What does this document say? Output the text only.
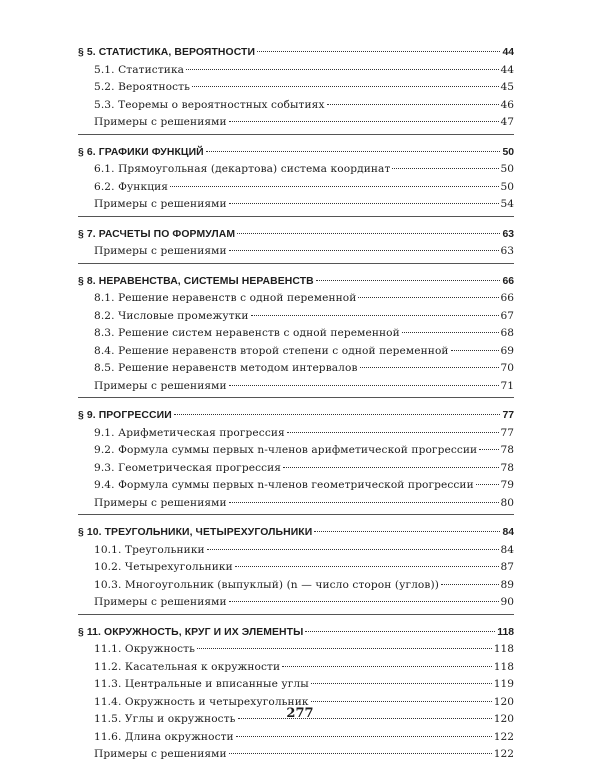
§ 5. СТАТИСТИКА, ВЕРОЯТНОСТИ	44
5.1. Статистика	44
5.2. Вероятность	45
5.3. Теоремы о вероятностных событиях	46
Примеры с решениями	47
§ 6. ГРАФИКИ ФУНКЦИЙ	50
6.1. Прямоугольная (декартова) система координат	50
6.2. Функция	50
Примеры с решениями	54
§ 7. РАСЧЕТЫ ПО ФОРМУЛАМ	63
Примеры с решениями	63
§ 8. НЕРАВЕНСТВА, СИСТЕМЫ НЕРАВЕНСТВ	66
8.1. Решение неравенств с одной переменной	66
8.2. Числовые промежутки	67
8.3. Решение систем неравенств с одной переменной	68
8.4. Решение неравенств второй степени с одной переменной	69
8.5. Решение неравенств методом интервалов	70
Примеры с решениями	71
§ 9. ПРОГРЕССИИ	77
9.1. Арифметическая прогрессия	77
9.2. Формула суммы первых n-членов арифметической прогрессии 78
9.3. Геометрическая прогрессия	78
9.4. Формула суммы первых n-членов геометрической прогрессии	79
Примеры с решениями	80
§ 10. ТРЕУГОЛЬНИКИ, ЧЕТЫРЕХУГОЛЬНИКИ	84
10.1. Треугольники	84
10.2. Четырехугольники	87
10.3. Многоугольник (выпуклый) (n — число сторон (углов))	89
Примеры с решениями	90
§ 11. ОКРУЖНОСТЬ, КРУГ И ИХ ЭЛЕМЕНТЫ	118
11.1. Окружность	118
11.2. Касательная к окружности	118
11.3. Центральные и вписанные углы	119
11.4. Окружность и четырехугольник	120
11.5. Углы и окружность	120
11.6. Длина окружности	122
Примеры с решениями	122
277
